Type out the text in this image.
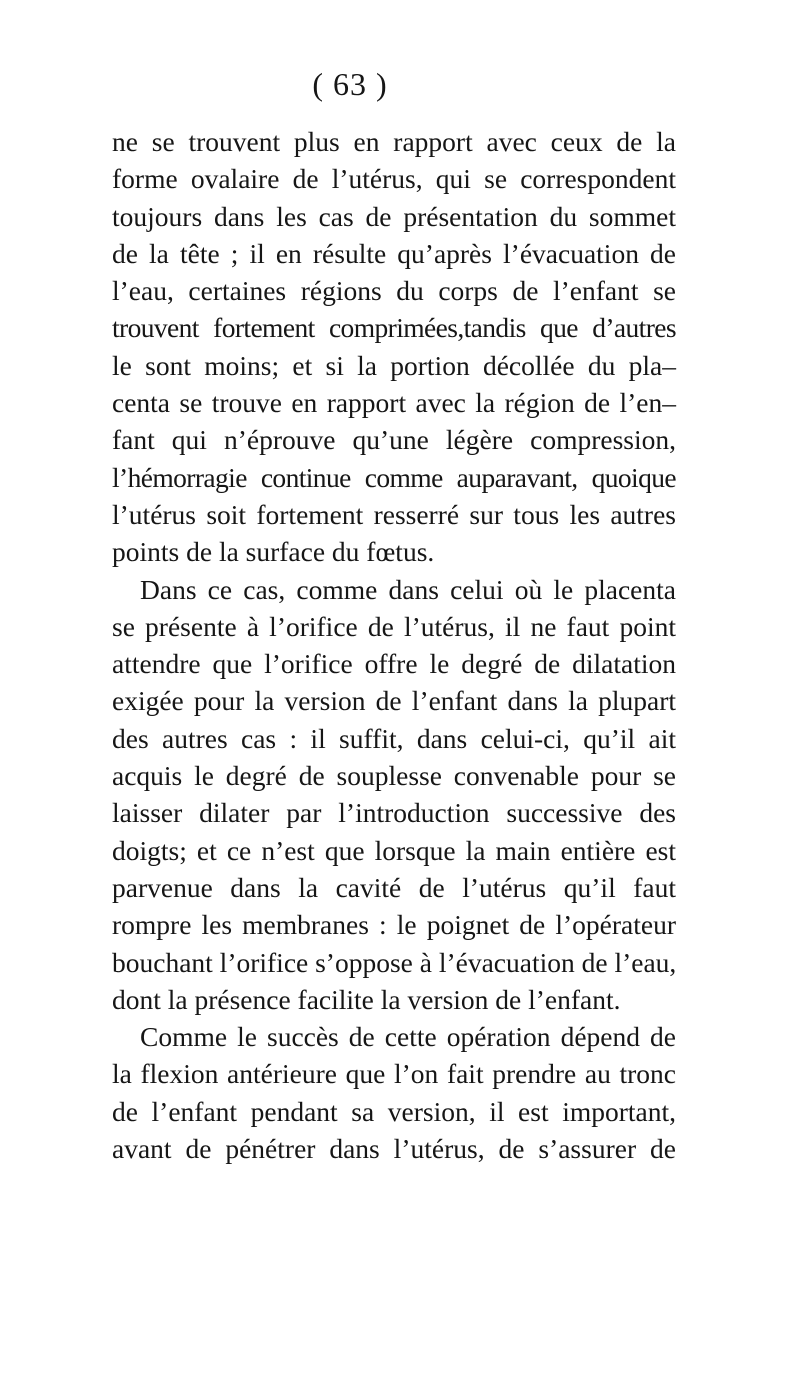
( 63 )

ne se trouvent plus en rapport avec ceux de la
forme ovalaire de l’utérus, qui se correspondent
toujours dans les cas de présentation du sommet
de la tête ; il en résulte qu’après l’évacuation de
l’eau, certaines régions du corps de l’enfant se
trouvent fortement comprimées,tandis que d’autres
le sont moins; et si la portion décollée du pla–
centa se trouve en rapport avec la région de l’en–
fant qui n’éprouve qu’une légère compression,
l’hémorragie continue comme auparavant, quoique
l’utérus soit fortement resserré sur tous les autres
points de la surface du fœtus.

Dans ce cas, comme dans celui où le placenta
se présente à l’orifice de l’utérus, il ne faut point
attendre que l’orifice offre le degré de dilatation
exigée pour la version de l’enfant dans la plupart
des autres cas : il suffit, dans celui-ci, qu’il ait
acquis le degré de souplesse convenable pour se
laisser dilater par l’introduction successive des
doigts; et ce n’est que lorsque la main entière est
parvenue dans la cavité de l’utérus qu’il faut
rompre les membranes : le poignet de l’opérateur
bouchant l’orifice s’oppose à l’évacuation de l’eau,
dont la présence facilite la version de l’enfant.

Comme le succès de cette opération dépend de
la flexion antérieure que l’on fait prendre au tronc
de l’enfant pendant sa version, il est important,
avant de pénétrer dans l’utérus, de s’assurer de
